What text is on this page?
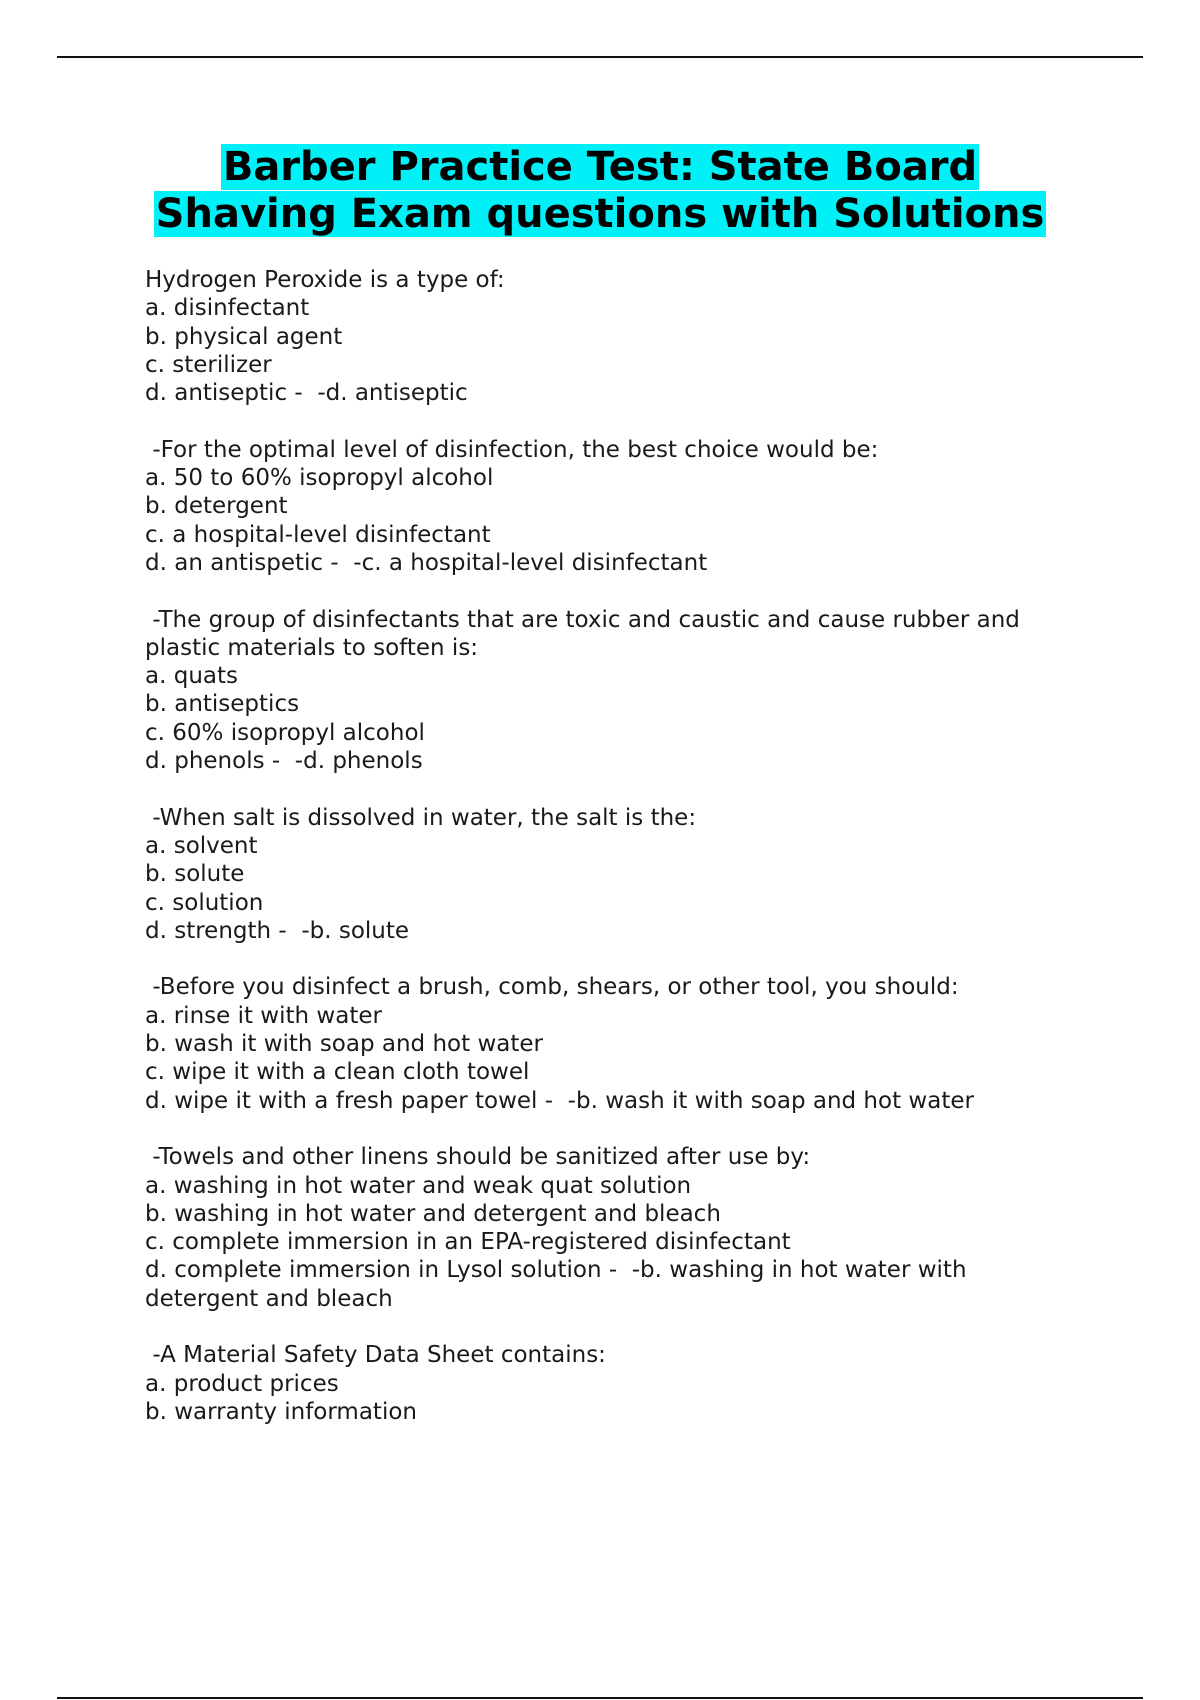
Barber Practice Test: State Board
Shaving Exam questions with Solutions
Hydrogen Peroxide is a type of:
a. disinfectant
b. physical agent
c. sterilizer
d. antiseptic -  -d. antiseptic
-For the optimal level of disinfection, the best choice would be:
a. 50 to 60% isopropyl alcohol
b. detergent
c. a hospital-level disinfectant
d. an antispetic -  -c. a hospital-level disinfectant
-The group of disinfectants that are toxic and caustic and cause rubber and plastic materials to soften is:
a. quats
b. antiseptics
c. 60% isopropyl alcohol
d. phenols -  -d. phenols
-When salt is dissolved in water, the salt is the:
a. solvent
b. solute
c. solution
d. strength -  -b. solute
-Before you disinfect a brush, comb, shears, or other tool, you should:
a. rinse it with water
b. wash it with soap and hot water
c. wipe it with a clean cloth towel
d. wipe it with a fresh paper towel -  -b. wash it with soap and hot water
-Towels and other linens should be sanitized after use by:
a. washing in hot water and weak quat solution
b. washing in hot water and detergent and bleach
c. complete immersion in an EPA-registered disinfectant
d. complete immersion in Lysol solution -  -b. washing in hot water with detergent and bleach
-A Material Safety Data Sheet contains:
a. product prices
b. warranty information
